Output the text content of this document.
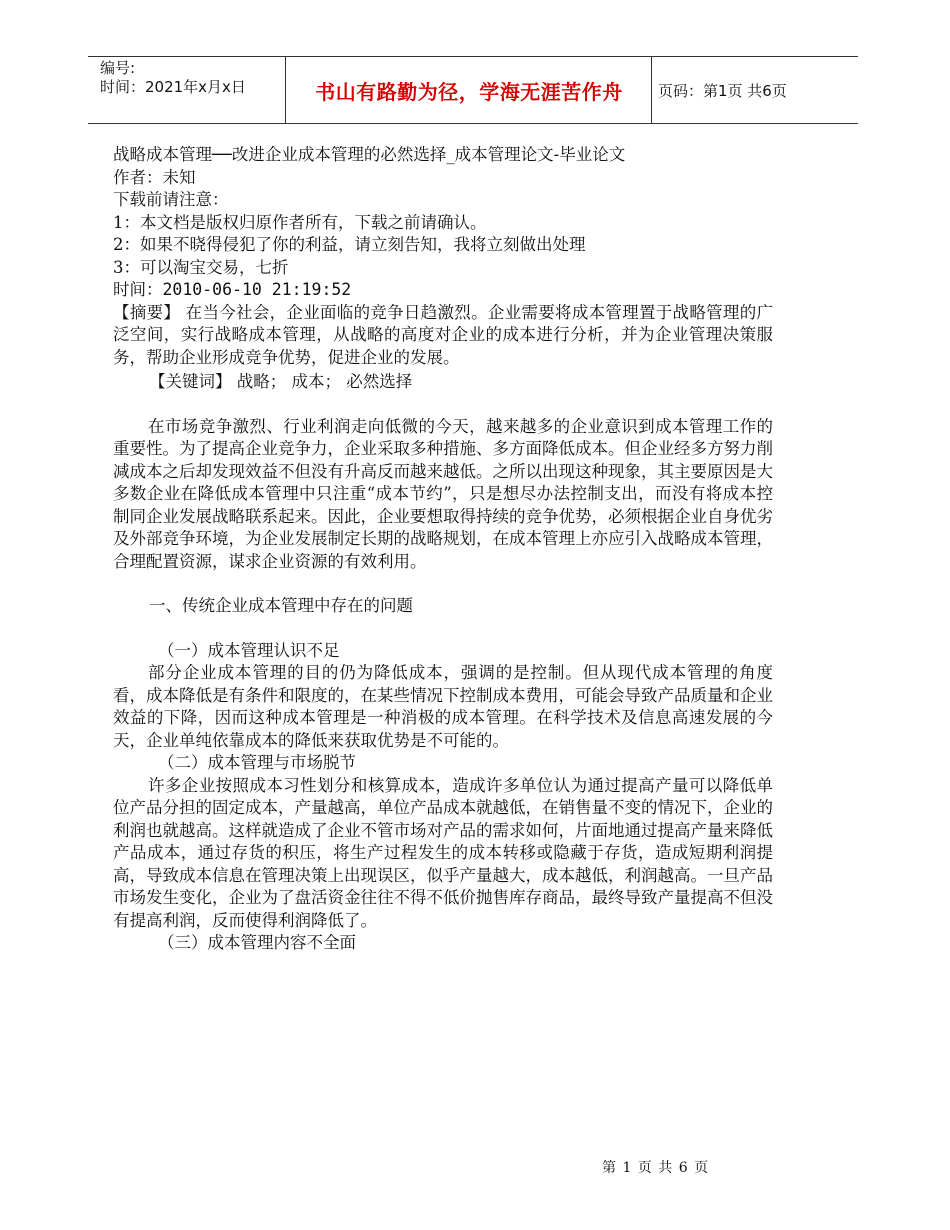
编号:
时间：2021年x月x日	书山有路勤为径，学海无涯苦作舟	页码：第1页 共6页
战略成本管理──改进企业成本管理的必然选择_成本管理论文-毕业论文
作者：未知
下载前请注意：
1：本文档是版权归原作者所有，下载之前请确认。
2：如果不晓得侵犯了你的利益，请立刻告知，我将立刻做出处理
3：可以淘宝交易，七折
时间：2010-06-10 21:19:52
【摘要】 在当今社会，企业面临的竞争日趋激烈。企业需要将成本管理置于战略管理的广泛空间，实行战略成本管理，从战略的高度对企业的成本进行分析，并为企业管理决策服务，帮助企业形成竞争优势，促进企业的发展。
【关键词】 战略； 成本； 必然选择
在市场竞争激烈、行业利润走向低微的今天，越来越多的企业意识到成本管理工作的重要性。为了提高企业竞争力，企业采取多种措施、多方面降低成本。但企业经多方努力削减成本之后却发现效益不但没有升高反而越来越低。之所以出现这种现象，其主要原因是大多数企业在降低成本管理中只注重“成本节约”，只是想尽办法控制支出，而没有将成本控制同企业发展战略联系起来。因此，企业要想取得持续的竞争优势，必须根据企业自身优劣及外部竞争环境，为企业发展制定长期的战略规划，在成本管理上亦应引入战略成本管理，合理配置资源，谋求企业资源的有效利用。
一、传统企业成本管理中存在的问题
（一）成本管理认识不足
部分企业成本管理的目的仍为降低成本，强调的是控制。但从现代成本管理的角度看，成本降低是有条件和限度的，在某些情况下控制成本费用，可能会导致产品质量和企业效益的下降，因而这种成本管理是一种消极的成本管理。在科学技术及信息高速发展的今天，企业单纯依靠成本的降低来获取优势是不可能的。
（二）成本管理与市场脱节
许多企业按照成本习性划分和核算成本，造成许多单位认为通过提高产量可以降低单位产品分担的固定成本，产量越高，单位产品成本就越低，在销售量不变的情况下，企业的利润也就越高。这样就造成了企业不管市场对产品的需求如何，片面地通过提高产量来降低产品成本，通过存货的积压，将生产过程发生的成本转移或隐藏于存货，造成短期利润提高，导致成本信息在管理决策上出现误区，似乎产量越大，成本越低，利润越高。一旦产品市场发生变化，企业为了盘活资金往往不得不低价抛售库存商品，最终导致产量提高不但没有提高利润，反而使得利润降低了。
（三）成本管理内容不全面
第 1 页 共 6 页
